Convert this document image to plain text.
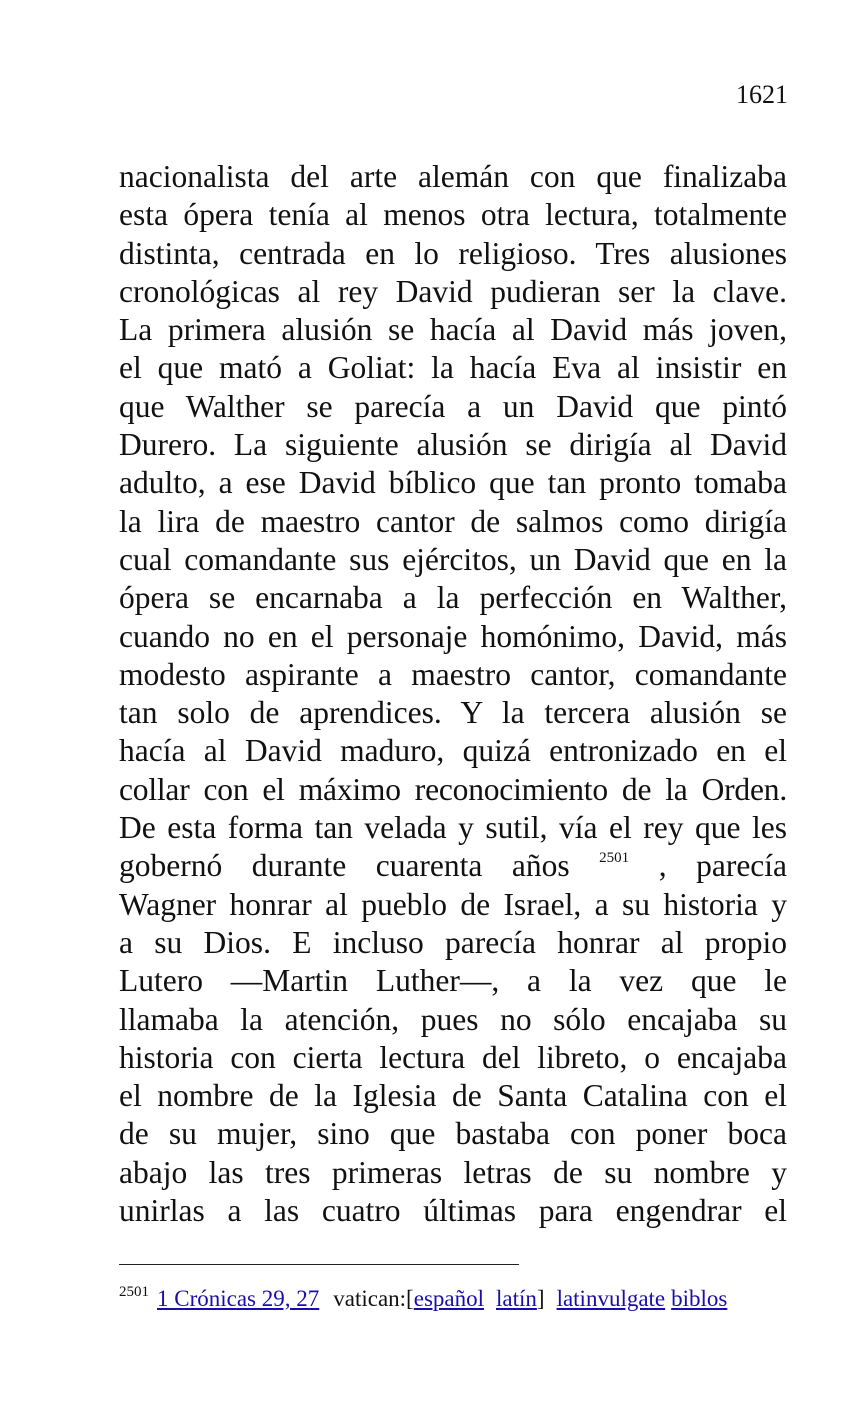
1621
nacionalista del arte alemán con que finalizaba
esta ópera tenía al menos otra lectura, totalmente
distinta, centrada en lo religioso. Tres alusiones
cronológicas al rey David pudieran ser la clave.
La primera alusión se hacía al David más joven,
el que mató a Goliat: la hacía Eva al insistir en
que Walther se parecía a un David que pintó
Durero. La siguiente alusión se dirigía al David
adulto, a ese David bíblico que tan pronto tomaba
la lira de maestro cantor de salmos como dirigía
cual comandante sus ejércitos, un David que en la
ópera se encarnaba a la perfección en Walther,
cuando no en el personaje homónimo, David, más
modesto aspirante a maestro cantor, comandante
tan solo de aprendices. Y la tercera alusión se
hacía al David maduro, quizá entronizado en el
collar con el máximo reconocimiento de la Orden.
De esta forma tan velada y sutil, vía el rey que les
gobernó durante cuarenta años $^{2501}$ , parecía
Wagner honrar al pueblo de Israel, a su historia y
a su Dios. E incluso parecía honrar al propio
Lutero —Martin Luther—, a la vez que le
llamaba la atención, pues no sólo encajaba su
historia con cierta lectura del libreto, o encajaba
el nombre de la Iglesia de Santa Catalina con el
de su mujer, sino que bastaba con poner boca
abajo las tres primeras letras de su nombre y
unirlas a las cuatro últimas para engendrar el
$^{2501}$ 1 Crónicas 29, 27 vatican:[español latín] latinvulgate biblos
